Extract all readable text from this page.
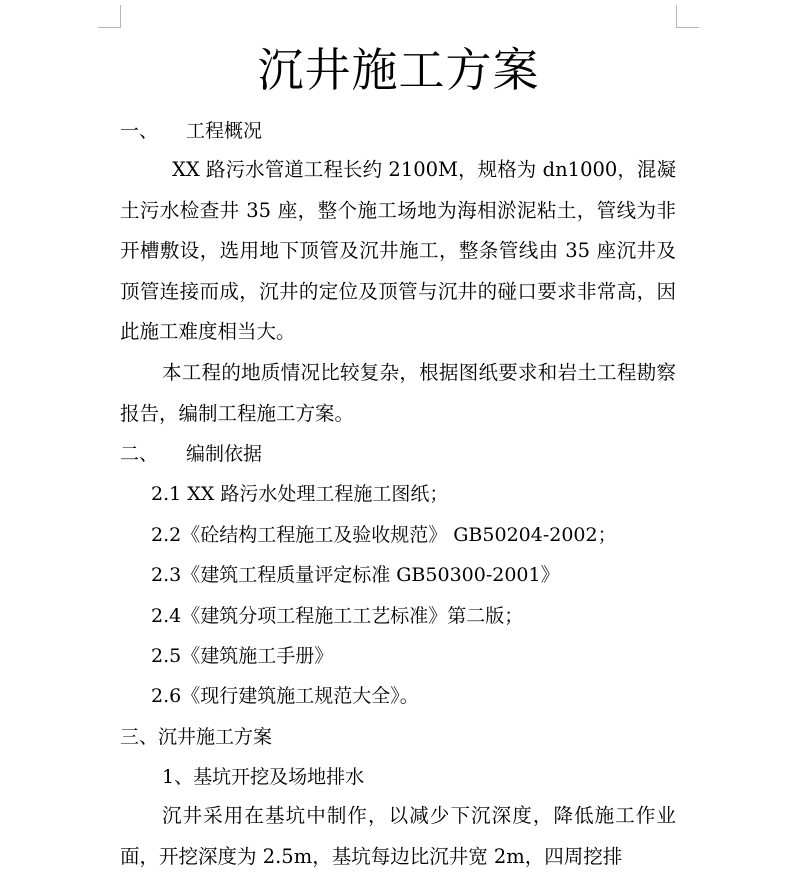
沉井施工方案
一、 工程概况
XX 路污水管道工程长约 2100M，规格为 dn1000，混凝土污水检查井 35 座，整个施工场地为海相淤泥粘土，管线为非开槽敷设，选用地下顶管及沉井施工，整条管线由 35 座沉井及顶管连接而成，沉井的定位及顶管与沉井的碰口要求非常高，因此施工难度相当大。
本工程的地质情况比较复杂，根据图纸要求和岩土工程勘察报告，编制工程施工方案。
二、 编制依据
2.1 XX 路污水处理工程施工图纸；
2.2《砼结构工程施工及验收规范》 GB50204-2002；
2.3《建筑工程质量评定标准 GB50300-2001》
2.4《建筑分项工程施工工艺标准》第二版；
2.5《建筑施工手册》
2.6《现行建筑施工规范大全》。
三、沉井施工方案
1、基坑开挖及场地排水
沉井采用在基坑中制作，以减少下沉深度，降低施工作业面，开挖深度为 2.5m，基坑每边比沉井宽 2m，四周挖排
